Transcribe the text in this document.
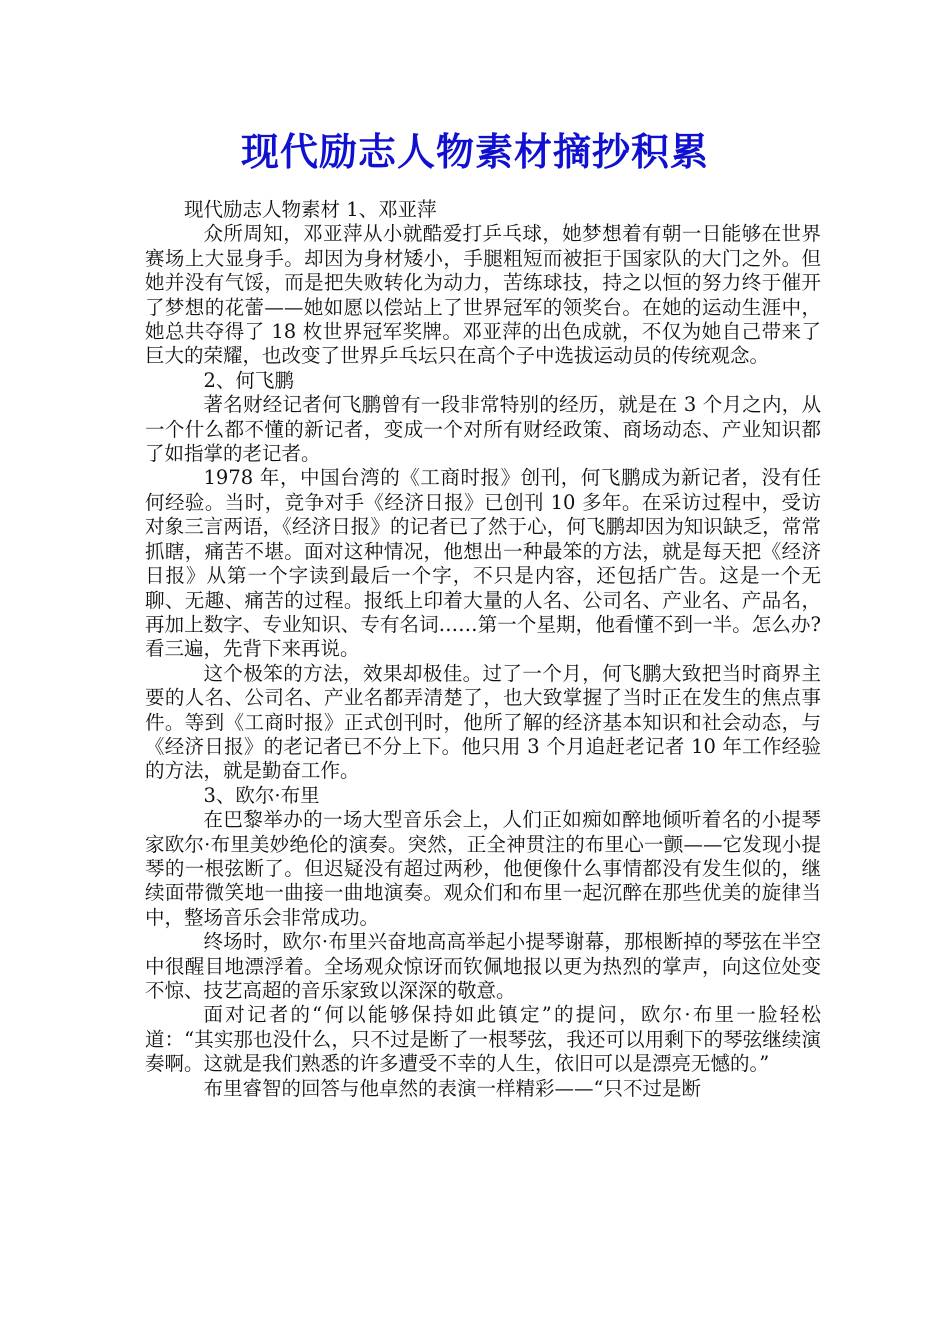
现代励志人物素材摘抄积累

现代励志人物素材 1、邓亚萍

众所周知，邓亚萍从小就酷爱打乒乓球，她梦想着有朝一日能够在世界赛场上大显身手。却因为身材矮小，手腿粗短而被拒于国家队的大门之外。但她并没有气馁，而是把失败转化为动力，苦练球技，持之以恒的努力终于催开了梦想的花蕾——她如愿以偿站上了世界冠军的领奖台。在她的运动生涯中，她总共夺得了 18 枚世界冠军奖牌。邓亚萍的出色成就，不仅为她自己带来了巨大的荣耀，也改变了世界乒乓坛只在高个子中选拔运动员的传统观念。

2、何飞鹏

著名财经记者何飞鹏曾有一段非常特别的经历，就是在 3 个月之内，从一个什么都不懂的新记者，变成一个对所有财经政策、商场动态、产业知识都了如指掌的老记者。

1978 年，中国台湾的《工商时报》创刊，何飞鹏成为新记者，没有任何经验。当时，竞争对手《经济日报》已创刊 10 多年。在采访过程中，受访对象三言两语，《经济日报》的记者已了然于心，何飞鹏却因为知识缺乏，常常抓瞎，痛苦不堪。面对这种情况，他想出一种最笨的方法，就是每天把《经济日报》从第一个字读到最后一个字，不只是内容，还包括广告。这是一个无聊、无趣、痛苦的过程。报纸上印着大量的人名、公司名、产业名、产品名，再加上数字、专业知识、专有名词……第一个星期，他看懂不到一半。怎么办?看三遍，先背下来再说。

这个极笨的方法，效果却极佳。过了一个月，何飞鹏大致把当时商界主要的人名、公司名、产业名都弄清楚了，也大致掌握了当时正在发生的焦点事件。等到《工商时报》正式创刊时，他所了解的经济基本知识和社会动态，与《经济日报》的老记者已不分上下。他只用 3 个月追赶老记者 10 年工作经验的方法，就是勤奋工作。

3、欧尔·布里

在巴黎举办的一场大型音乐会上，人们正如痴如醉地倾听着名的小提琴家欧尔·布里美妙绝伦的演奏。突然，正全神贯注的布里心一颤——它发现小提琴的一根弦断了。但迟疑没有超过两秒，他便像什么事情都没有发生似的，继续面带微笑地一曲接一曲地演奏。观众们和布里一起沉醉在那些优美的旋律当中，整场音乐会非常成功。

终场时，欧尔·布里兴奋地高高举起小提琴谢幕，那根断掉的琴弦在半空中很醒目地漂浮着。全场观众惊讶而钦佩地报以更为热烈的掌声，向这位处变不惊、技艺高超的音乐家致以深深的敬意。

面对记者的“何以能够保持如此镇定”的提问，欧尔·布里一脸轻松道：“其实那也没什么，只不过是断了一根琴弦，我还可以用剩下的琴弦继续演奏啊。这就是我们熟悉的许多遭受不幸的人生，依旧可以是漂亮无憾的。”

布里睿智的回答与他卓然的表演一样精彩——“只不过是断
